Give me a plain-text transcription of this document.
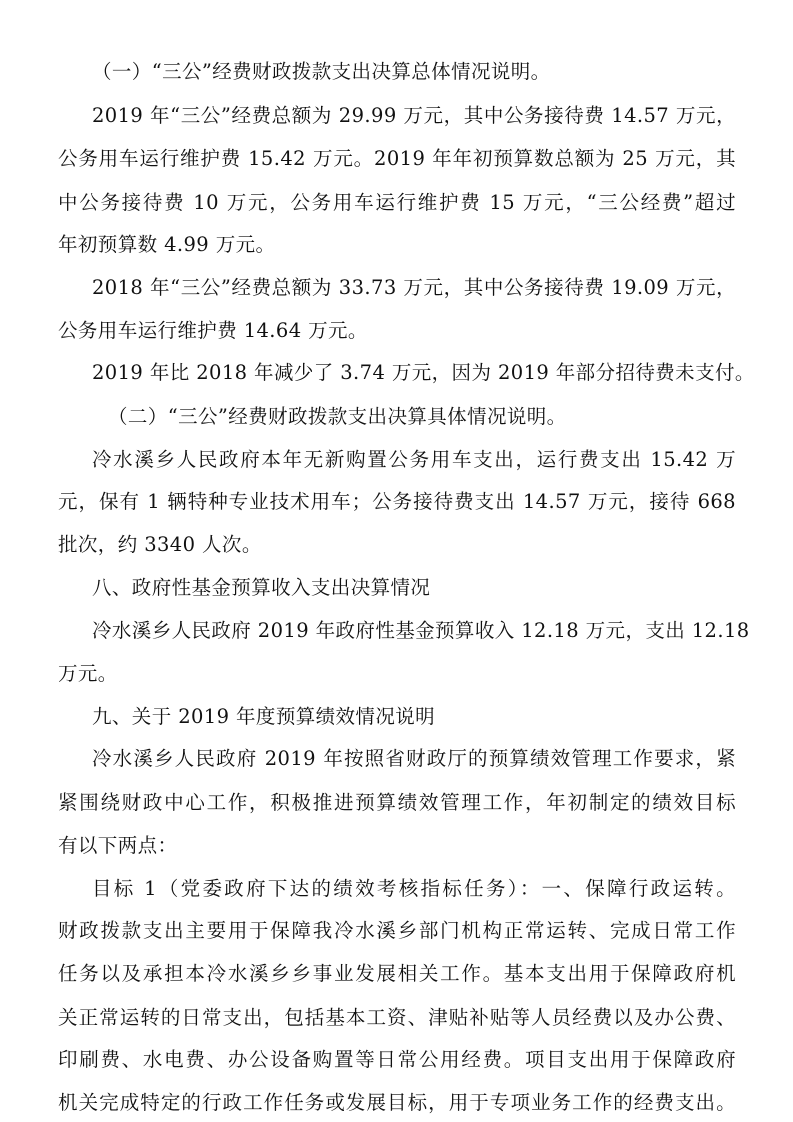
（一）“三公”经费财政拨款支出决算总体情况说明。
2019 年“三公”经费总额为 29.99 万元，其中公务接待费 14.57 万元，
公务用车运行维护费 15.42 万元。2019 年年初预算数总额为 25 万元，其
中公务接待费 10 万元，公务用车运行维护费 15 万元，“三公经费”超过
年初预算数 4.99 万元。
2018 年“三公”经费总额为 33.73 万元，其中公务接待费 19.09 万元，
公务用车运行维护费 14.64 万元。
2019 年比 2018 年减少了 3.74 万元，因为 2019 年部分招待费未支付。
（二）“三公”经费财政拨款支出决算具体情况说明。
冷水溪乡人民政府本年无新购置公务用车支出，运行费支出 15.42 万
元，保有 1 辆特种专业技术用车；公务接待费支出 14.57 万元，接待 668
批次，约 3340 人次。
八、政府性基金预算收入支出决算情况
冷水溪乡人民政府 2019 年政府性基金预算收入 12.18 万元，支出 12.18
万元。
九、关于 2019 年度预算绩效情况说明
冷水溪乡人民政府 2019 年按照省财政厅的预算绩效管理工作要求，紧
紧围绕财政中心工作，积极推进预算绩效管理工作，年初制定的绩效目标
有以下两点：
目标 1（党委政府下达的绩效考核指标任务）：一、保障行政运转。
财政拨款支出主要用于保障我冷水溪乡部门机构正常运转、完成日常工作
任务以及承担本冷水溪乡乡事业发展相关工作。基本支出用于保障政府机
关正常运转的日常支出，包括基本工资、津贴补贴等人员经费以及办公费、
印刷费、水电费、办公设备购置等日常公用经费。项目支出用于保障政府
机关完成特定的行政工作任务或发展目标，用于专项业务工作的经费支出。
